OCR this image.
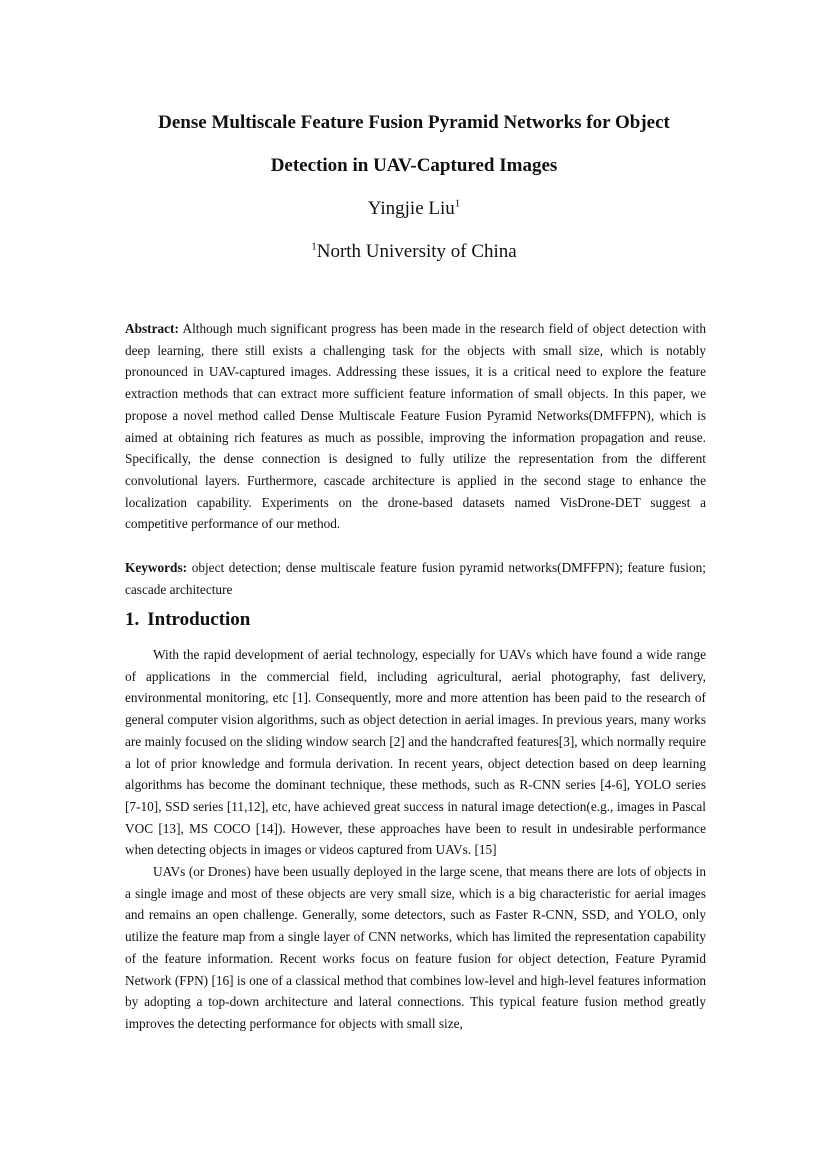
Dense Multiscale Feature Fusion Pyramid Networks for Object
Detection in UAV-Captured Images
Yingjie Liu$^1$
$^1$North University of China
Abstract: Although much significant progress has been made in the research field of object detection with deep learning, there still exists a challenging task for the objects with small size, which is notably pronounced in UAV-captured images. Addressing these issues, it is a critical need to explore the feature extraction methods that can extract more sufficient feature information of small objects. In this paper, we propose a novel method called Dense Multiscale Feature Fusion Pyramid Networks(DMFFPN), which is aimed at obtaining rich features as much as possible, improving the information propagation and reuse. Specifically, the dense connection is designed to fully utilize the representation from the different convolutional layers. Furthermore, cascade architecture is applied in the second stage to enhance the localization capability. Experiments on the drone-based datasets named VisDrone-DET suggest a competitive performance of our method.
Keywords: object detection; dense multiscale feature fusion pyramid networks(DMFFPN); feature fusion; cascade architecture
1. Introduction

With the rapid development of aerial technology, especially for UAVs which have found a wide range of applications in the commercial field, including agricultural, aerial photography, fast delivery, environmental monitoring, etc [1]. Consequently, more and more attention has been paid to the research of general computer vision algorithms, such as object detection in aerial images. In previous years, many works are mainly focused on the sliding window search [2] and the handcrafted features[3], which normally require a lot of prior knowledge and formula derivation. In recent years, object detection based on deep learning algorithms has become the dominant technique, these methods, such as R-CNN series [4-6], YOLO series [7-10], SSD series [11,12], etc, have achieved great success in natural image detection(e.g., images in Pascal VOC [13], MS COCO [14]). However, these approaches have been to result in undesirable performance when detecting objects in images or videos captured from UAVs. [15]

UAVs (or Drones) have been usually deployed in the large scene, that means there are lots of objects in a single image and most of these objects are very small size, which is a big characteristic for aerial images and remains an open challenge. Generally, some detectors, such as Faster R-CNN, SSD, and YOLO, only utilize the feature map from a single layer of CNN networks, which has limited the representation capability of the feature information. Recent works focus on feature fusion for object detection, Feature Pyramid Network (FPN) [16] is one of a classical method that combines low-level and high-level features information by adopting a top-down architecture and lateral connections. This typical feature fusion method greatly improves the detecting performance for objects with small size,
